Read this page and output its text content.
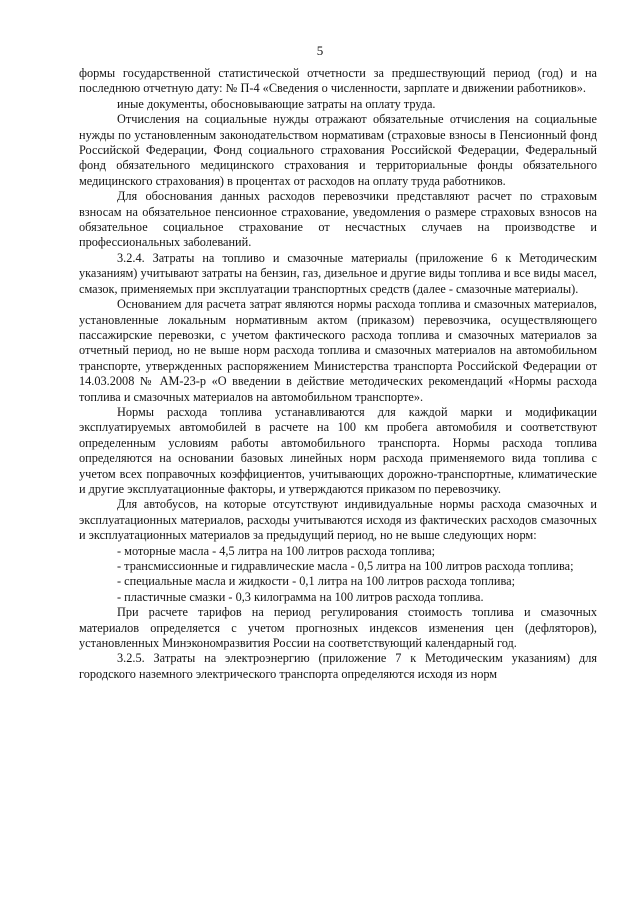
5

формы государственной статистической отчетности за предшествующий период (год) и на последнюю отчетную дату: № П-4 «Сведения о численности, зарплате и движении работников».

иные документы, обосновывающие затраты на оплату труда.

Отчисления на социальные нужды отражают обязательные отчисления на социальные нужды по установленным законодательством нормативам (страховые взносы в Пенсионный фонд Российской Федерации, Фонд социального страхования Российской Федерации, Федеральный фонд обязательного медицинского страхования и территориальные фонды обязательного медицинского страхования) в процентах от расходов на оплату труда работников.

Для обоснования данных расходов перевозчики представляют расчет по страховым взносам на обязательное пенсионное страхование, уведомления о размере страховых взносов на обязательное социальное страхование от несчастных случаев на производстве и профессиональных заболеваний.

3.2.4. Затраты на топливо и смазочные материалы (приложение 6 к Методическим указаниям) учитывают затраты на бензин, газ, дизельное и другие виды топлива и все виды масел, смазок, применяемых при эксплуатации транспортных средств (далее - смазочные материалы).

Основанием для расчета затрат являются нормы расхода топлива и смазочных материалов, установленные локальным нормативным актом (приказом) перевозчика, осуществляющего пассажирские перевозки, с учетом фактического расхода топлива и смазочных материалов за отчетный период, но не выше норм расхода топлива и смазочных материалов на автомобильном транспорте, утвержденных распоряжением Министерства транспорта Российской Федерации от 14.03.2008 № АМ-23-р «О введении в действие методических рекомендаций «Нормы расхода топлива и смазочных материалов на автомобильном транспорте».

Нормы расхода топлива устанавливаются для каждой марки и модификации эксплуатируемых автомобилей в расчете на 100 км пробега автомобиля и соответствуют определенным условиям работы автомобильного транспорта. Нормы расхода топлива определяются на основании базовых линейных норм расхода применяемого вида топлива с учетом всех поправочных коэффициентов, учитывающих дорожно-транспортные, климатические и другие эксплуатационные факторы, и утверждаются приказом по перевозчику.

Для автобусов, на которые отсутствуют индивидуальные нормы расхода смазочных и эксплуатационных материалов, расходы учитываются исходя из фактических расходов смазочных и эксплуатационных материалов за предыдущий период, но не выше следующих норм:

- моторные масла - 4,5 литра на 100 литров расхода топлива;

- трансмиссионные и гидравлические масла - 0,5 литра на 100 литров расхода топлива;

- специальные масла и жидкости - 0,1 литра на 100 литров расхода топлива;

- пластичные смазки - 0,3 килограмма на 100 литров расхода топлива.

При расчете тарифов на период регулирования стоимость топлива и смазочных материалов определяется с учетом прогнозных индексов изменения цен (дефляторов), установленных Минэкономразвития России на соответствующий календарный год.

3.2.5. Затраты на электроэнергию (приложение 7 к Методическим указаниям) для городского наземного электрического транспорта определяются исходя из норм
